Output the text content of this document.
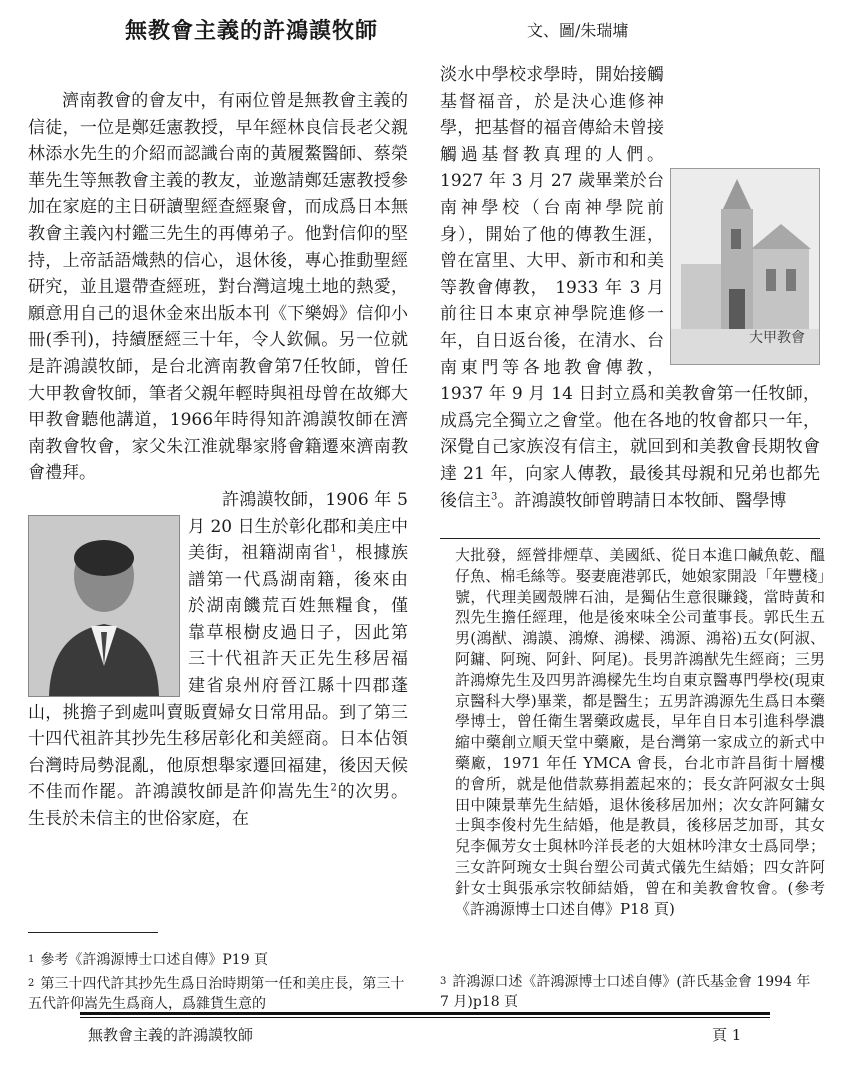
無教會主義的許鴻謨牧師	文、圖/朱瑞墉

濟南教會的會友中，有兩位曾是無教會主義的信徒，一位是鄭廷憲教授，早年經林良信長老父親林添水先生的介紹而認識台南的黃履鰲醫師、蔡榮華先生等無教會主義的教友，並邀請鄭廷憲教授參加在家庭的主日研讀聖經查經聚會，而成爲日本無教會主義內村鑑三先生的再傳弟子。他對信仰的堅持，上帝話語熾熱的信心，退休後，專心推動聖經研究，並且還帶查經班，對台灣這塊土地的熱愛，願意用自己的退休金來出版本刊《下樂姆》信仰小冊(季刊)，持續歷經三十年，令人欽佩。另一位就是許鴻謨牧師，是台北濟南教會第7任牧師，曾任大甲教會牧師，筆者父親年輕時與祖母曾在故鄉大甲教會聽他講道，1966年時得知許鴻謨牧師在濟南教會牧會，家父朱江淮就舉家將會籍遷來濟南教會禮拜。

許鴻謨牧師，1906 年 5 月 20 日生於彰化郡和美庄中美街，祖籍湖南省$^1$，根據族譜第一代爲湖南籍，後來由於湖南饑荒百姓無糧食，僅靠草根樹皮過日子，因此第三十代祖許天正先生移居福建省泉州府晉江縣十四郡蓬山，挑擔子到處叫賣販賣婦女日常用品。到了第三十四代祖許其抄先生移居彰化和美經商。日本佔領台灣時局勢混亂，他原想舉家遷回福建，後因天候不佳而作罷。許鴻謨牧師是許仰嵩先生$^2$的次男。生長於未信主的世俗家庭，在

大甲教會
淡水中學校求學時，開始接觸基督福音，於是決心進修神學，把基督的福音傳給未曾接觸過基督教真理的人們。1927 年 3 月 27 歲畢業於台南神學校（台南神學院前身），開始了他的傳教生涯，曾在富里、大甲、新市和和美等教會傳教， 1933 年 3 月前往日本東京神學院進修一年，自日返台後，在清水、台南東門等各地教會傳教，1937 年 9 月 14 日封立爲和美教會第一任牧師，成爲完全獨立之會堂。他在各地的牧會都只一年，深覺自己家族沒有信主，就回到和美教會長期牧會達 21 年，向家人傳教，最後其母親和兄弟也都先後信主$^3$。許鴻謨牧師曾聘請日本牧師、醫學博

大批發，經營排煙草、美國紙、從日本進口鹹魚乾、醞仔魚、棉毛絲等。娶妻鹿港郭氏，她娘家開設「年豐棧」號，代理美國殼牌石油，是獨佔生意很賺錢，當時黃和烈先生擔任經理，他是後來味全公司董事長。郭氏生五男(鴻猷、鴻謨、鴻燎、鴻樑、鴻源、鴻裕)五女(阿淑、阿鏞、阿琬、阿針、阿尾)。長男許鴻猷先生經商；三男許鴻燎先生及四男許鴻樑先生均自東京醫專門學校(現東京醫科大學)畢業，都是醫生；五男許鴻源先生爲日本藥學博士，曾任衛生署藥政處長，早年自日本引進科學濃縮中藥創立順天堂中藥廠，是台灣第一家成立的新式中藥廠，1971 年任 YMCA 會長，台北市許昌街十層樓的會所，就是他借款募捐蓋起來的；長女許阿淑女士與田中陳景華先生結婚，退休後移居加州；次女許阿鏞女士與李俊村先生結婚，他是教員，後移居芝加哥，其女兒李佩芳女士與林吟洋長老的大姐林吟津女士爲同學；三女許阿琬女士與台塑公司黃式儀先生結婚；四女許阿針女士與張承宗牧師結婚，曾在和美教會牧會。(參考《許鴻源博士口述自傳》P18 頁)
$^1$ 參考《許鴻源博士口述自傳》P19 頁
$^2$ 第三十四代許其抄先生爲日治時期第一任和美庄長，第三十五代許仰嵩先生爲商人，爲雜貨生意的
$^3$ 許鴻源口述《許鴻源博士口述自傳》(許氏基金會 1994 年 7 月)p18 頁
無教會主義的許鴻謨牧師	頁 1
